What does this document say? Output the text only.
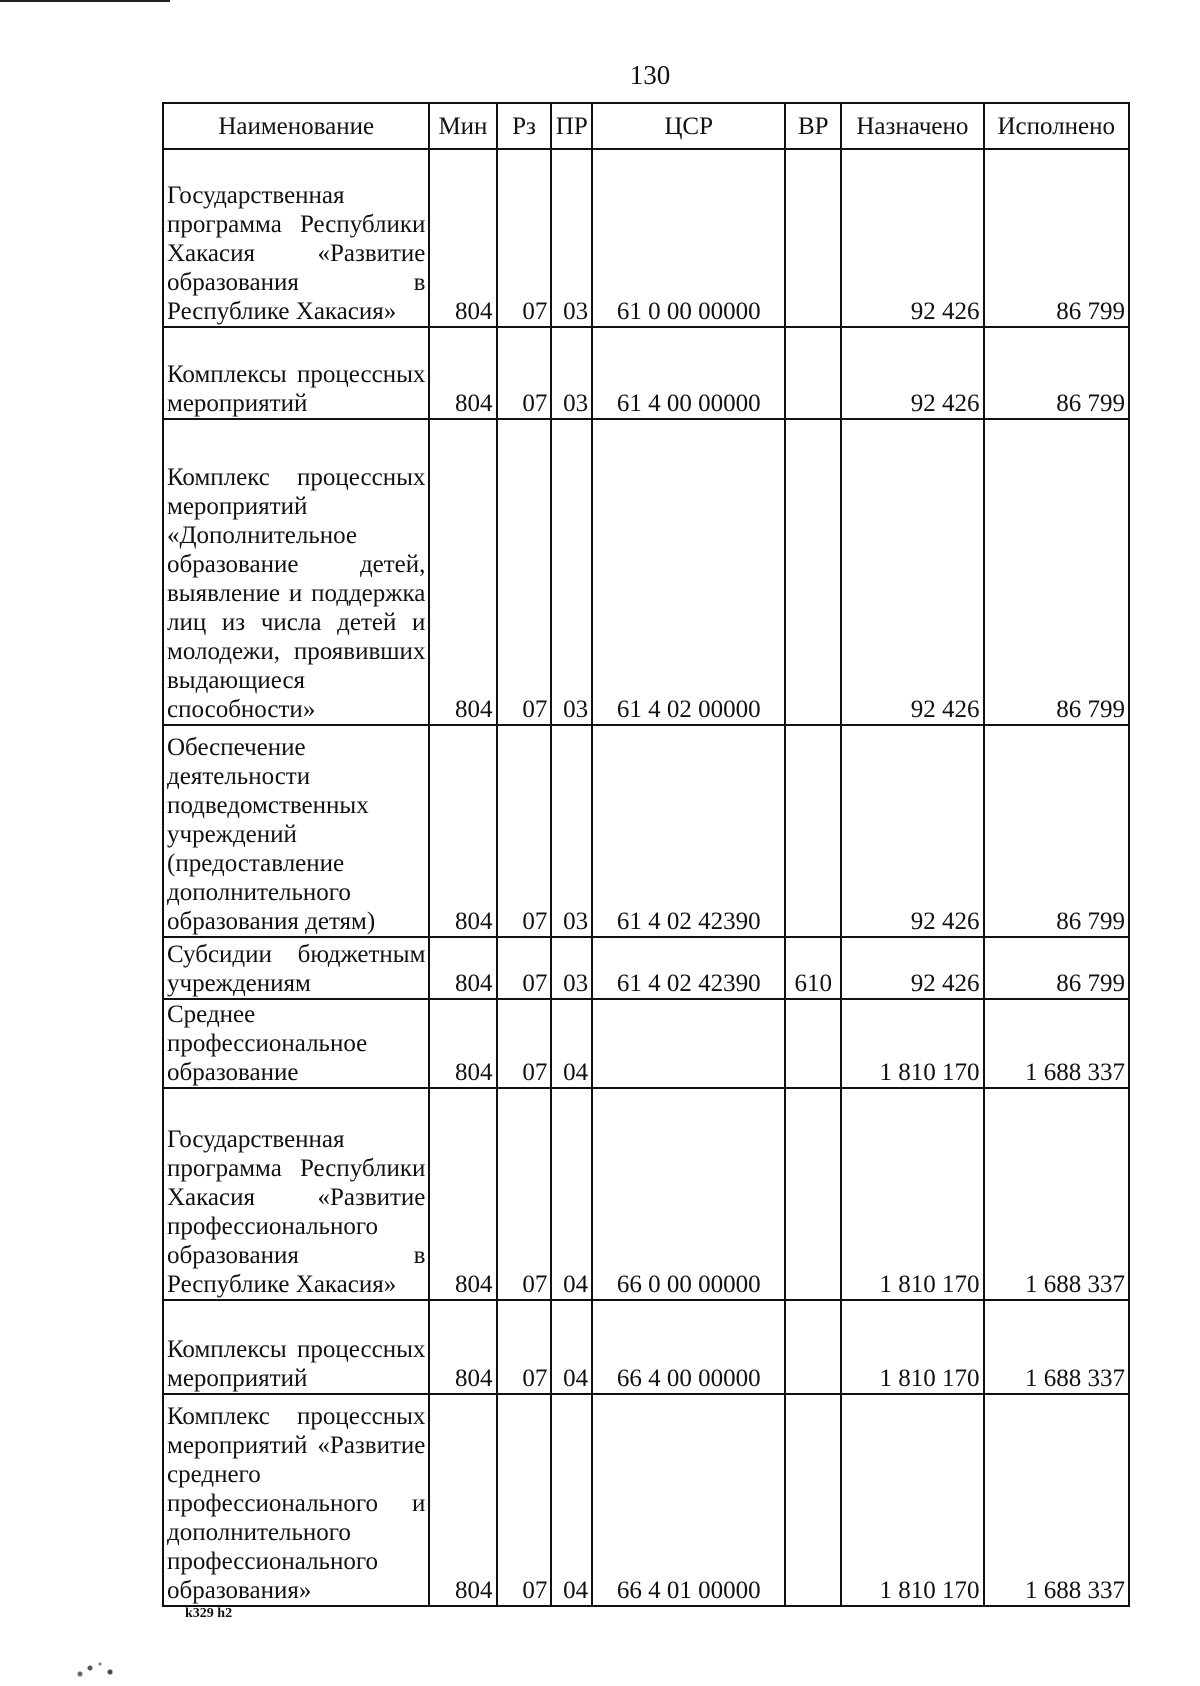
130
Наименование	Мин	Рз	ПР	ЦСР	ВР	Назначено	Исполнено
Государственная программа Республики Хакасия «Развитие образования в Республике Хакасия»	804	07	03	61 0 00 00000		92 426	86 799
Комплексы процессных мероприятий	804	07	03	61 4 00 00000		92 426	86 799
Комплекс процессных мероприятий «Дополнительное образование детей, выявление и поддержка лиц из числа детей и молодежи, проявивших выдающиеся способности»	804	07	03	61 4 02 00000		92 426	86 799
Обеспечение деятельности подведомственных учреждений (предоставление дополнительного образования детям)	804	07	03	61 4 02 42390		92 426	86 799
Субсидии бюджетным учреждениям	804	07	03	61 4 02 42390	610	92 426	86 799
Среднее профессиональное образование	804	07	04			1 810 170	1 688 337
Государственная программа Республики Хакасия «Развитие профессионального образования в Республике Хакасия»	804	07	04	66 0 00 00000		1 810 170	1 688 337
Комплексы процессных мероприятий	804	07	04	66 4 00 00000		1 810 170	1 688 337
Комплекс процессных мероприятий «Развитие среднего профессионального и дополнительного профессионального образования»	804	07	04	66 4 01 00000		1 810 170	1 688 337
k329 h2
